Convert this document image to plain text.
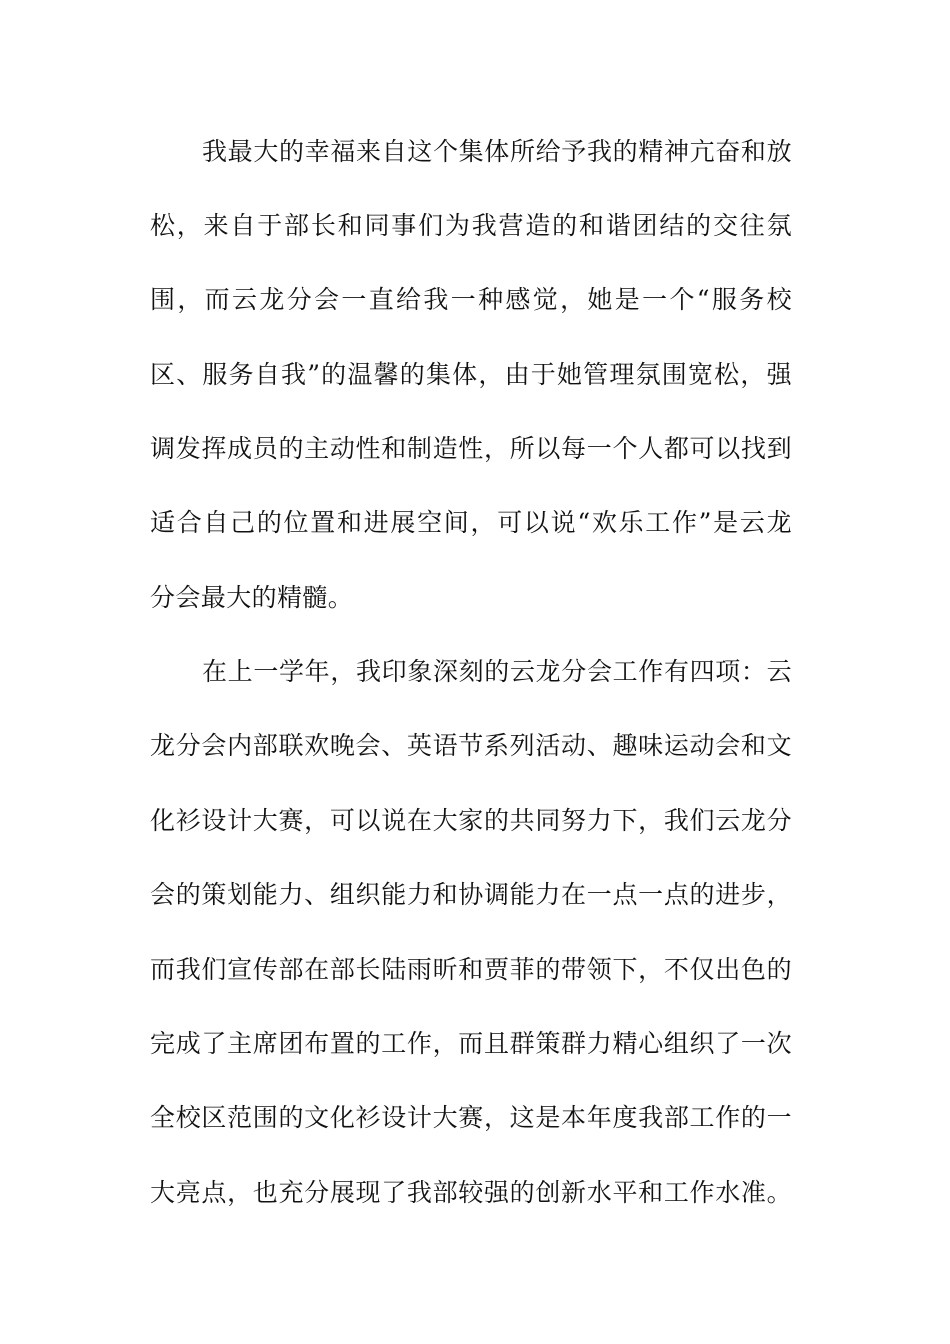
我最大的幸福来自这个集体所给予我的精神亢奋和放
松，来自于部长和同事们为我营造的和谐团结的交往氛
围，而云龙分会一直给我一种感觉，她是一个“服务校
区、服务自我”的温馨的集体，由于她管理氛围宽松，强
调发挥成员的主动性和制造性，所以每一个人都可以找到
适合自己的位置和进展空间，可以说“欢乐工作”是云龙
分会最大的精髓。
在上一学年，我印象深刻的云龙分会工作有四项：云
龙分会内部联欢晚会、英语节系列活动、趣味运动会和文
化衫设计大赛，可以说在大家的共同努力下，我们云龙分
会的策划能力、组织能力和协调能力在一点一点的进步，
而我们宣传部在部长陆雨昕和贾菲的带领下，不仅出色的
完成了主席团布置的工作，而且群策群力精心组织了一次
全校区范围的文化衫设计大赛，这是本年度我部工作的一
大亮点，也充分展现了我部较强的创新水平和工作水准。
